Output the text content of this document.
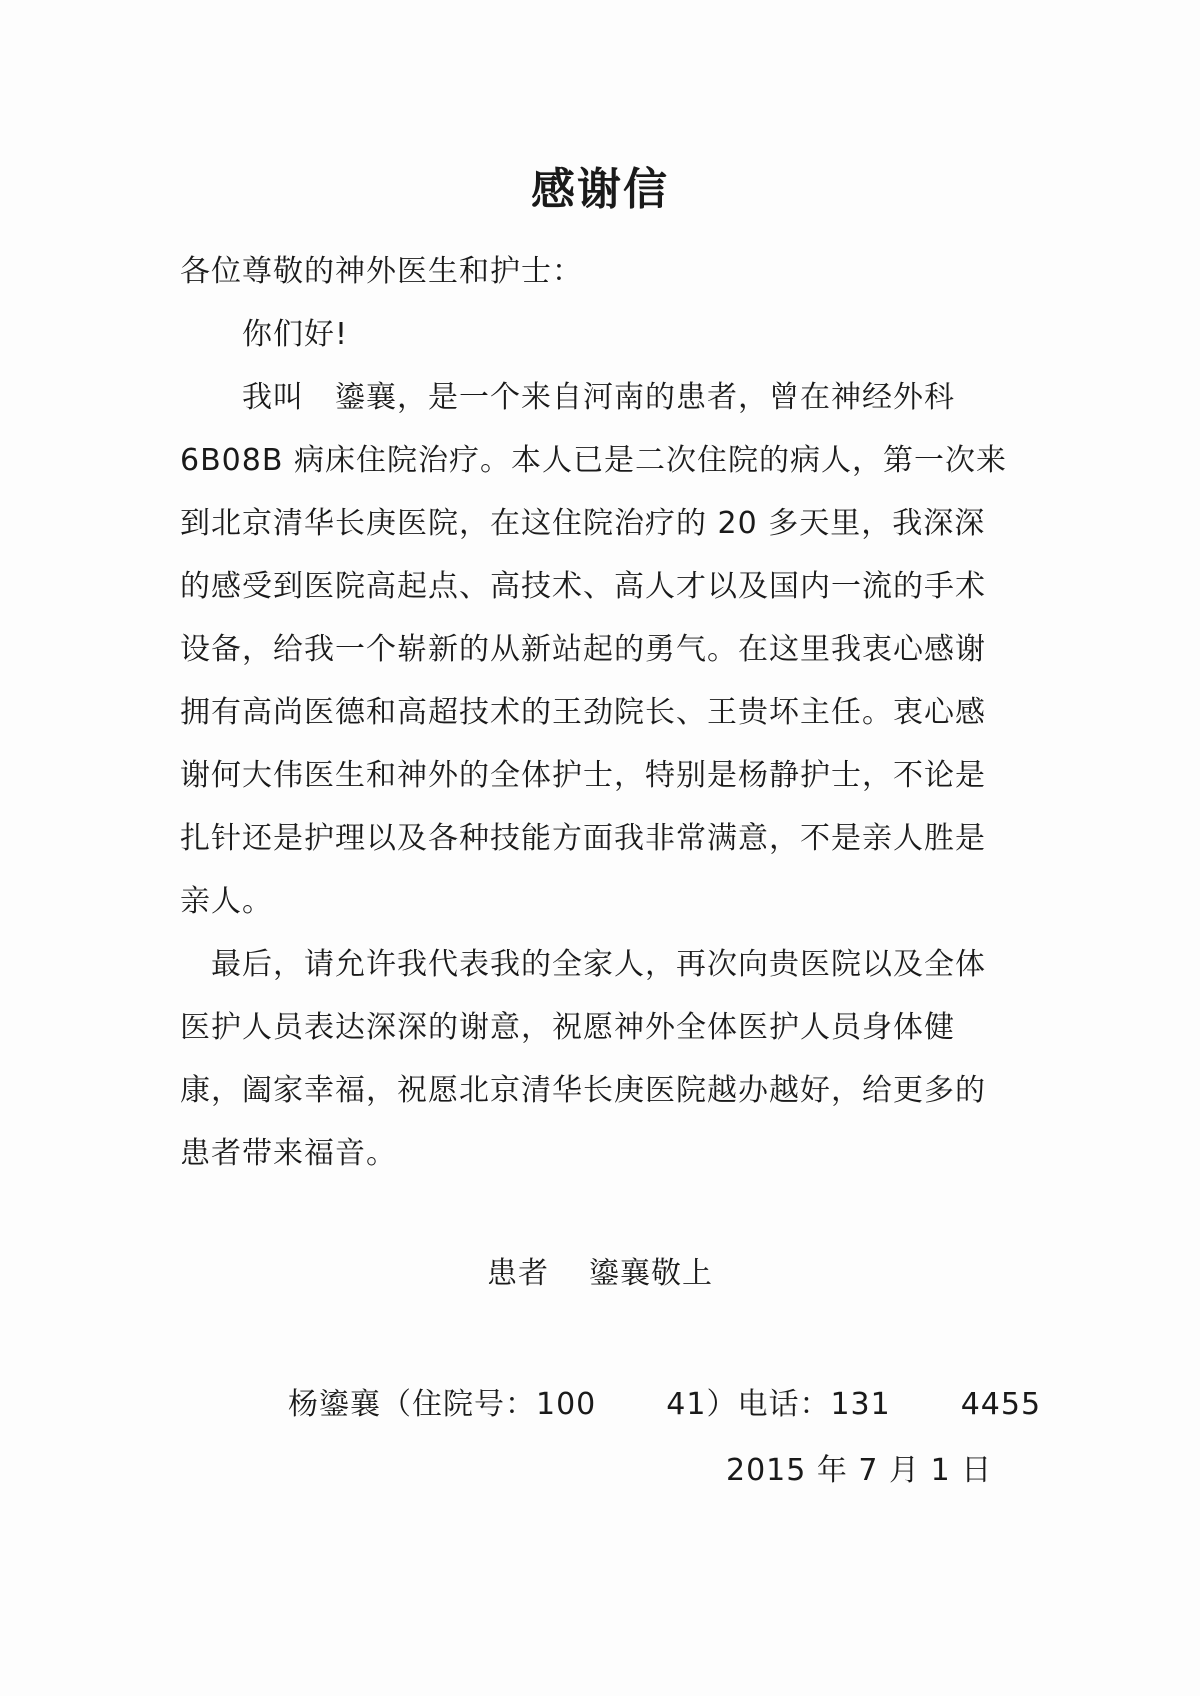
感谢信
各位尊敬的神外医生和护士：
你们好!
我叫　鎏襄，是一个来自河南的患者，曾在神经外科
6B08B 病床住院治疗。本人已是二次住院的病人，第一次来
到北京清华长庚医院，在这住院治疗的 20 多天里，我深深
的感受到医院高起点、高技术、高人才以及国内一流的手术
设备，给我一个崭新的从新站起的勇气。在这里我衷心感谢
拥有高尚医德和高超技术的王劲院长、王贵坏主任。衷心感
谢何大伟医生和神外的全体护士，特别是杨静护士，不论是
扎针还是护理以及各种技能方面我非常满意，不是亲人胜是
亲人。
最后，请允许我代表我的全家人，再次向贵医院以及全体
医护人员表达深深的谢意，祝愿神外全体医护人员身体健
康，阖家幸福，祝愿北京清华长庚医院越办越好，给更多的
患者带来福音。
患者 鎏襄敬上
杨鎏襄（住院号：100 41）电话：131 4455
2015 年 7 月 1 日
